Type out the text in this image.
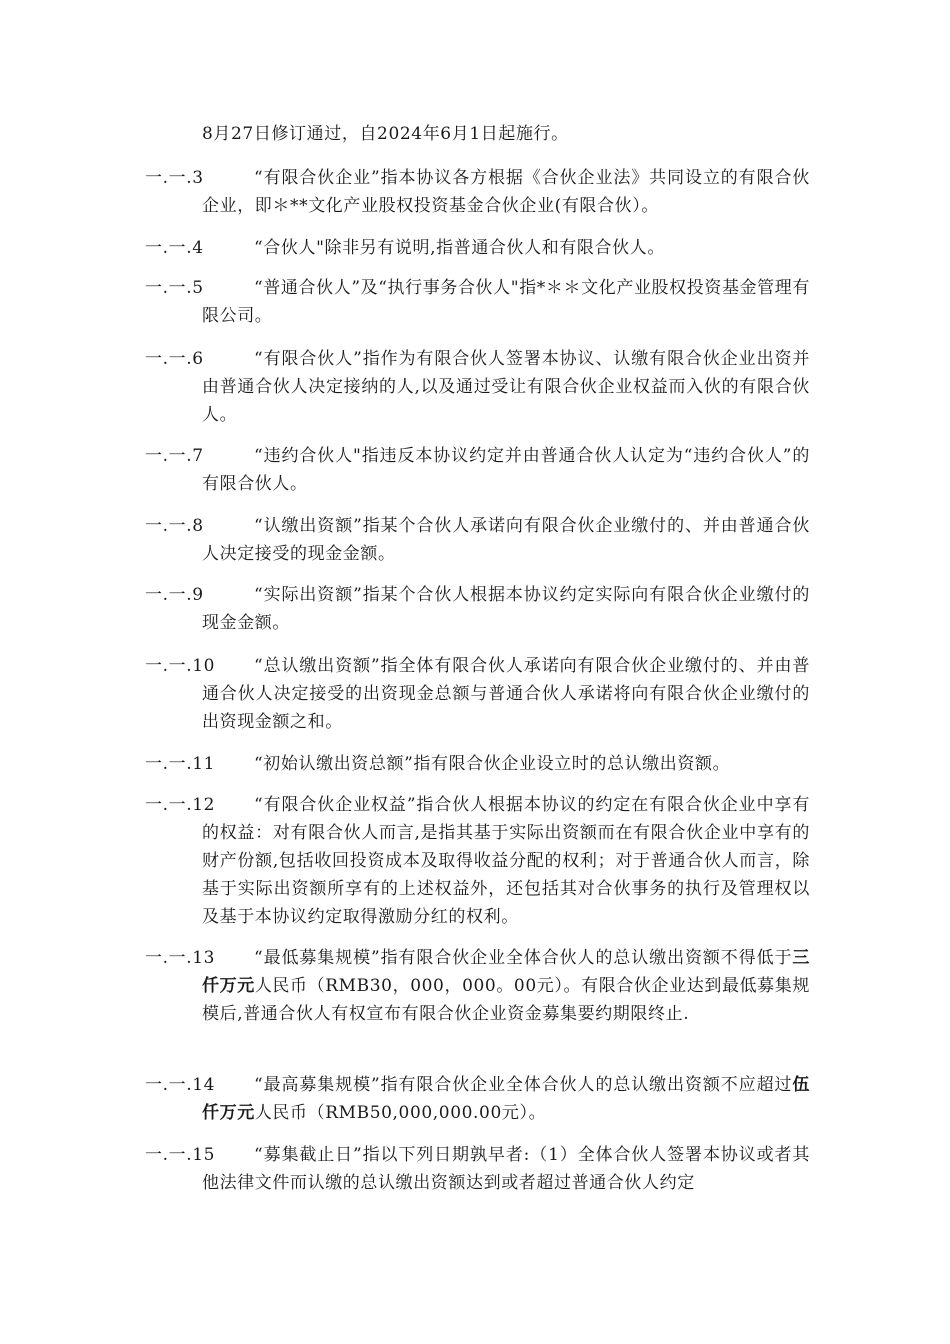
8月27日修订通过，自2024年6月1日起施行。
一.一.3	“有限合伙企业”指本协议各方根据《合伙企业法》共同设立的有限合伙企业，即＊**文化产业股权投资基金合伙企业(有限合伙）。
一.一.4	“合伙人"除非另有说明,指普通合伙人和有限合伙人。
一.一.5	“普通合伙人”及“执行事务合伙人"指*＊＊文化产业股权投资基金管理有限公司。
一.一.6	“有限合伙人”指作为有限合伙人签署本协议、认缴有限合伙企业出资并由普通合伙人决定接纳的人,以及通过受让有限合伙企业权益而入伙的有限合伙人。
一.一.7	“违约合伙人"指违反本协议约定并由普通合伙人认定为“违约合伙人”的有限合伙人。
一.一.8	“认缴出资额”指某个合伙人承诺向有限合伙企业缴付的、并由普通合伙人决定接受的现金金额。
一.一.9	“实际出资额”指某个合伙人根据本协议约定实际向有限合伙企业缴付的现金金额。
一.一.10	“总认缴出资额”指全体有限合伙人承诺向有限合伙企业缴付的、并由普通合伙人决定接受的出资现金总额与普通合伙人承诺将向有限合伙企业缴付的出资现金额之和。
一.一.11	“初始认缴出资总额”指有限合伙企业设立时的总认缴出资额。
一.一.12	“有限合伙企业权益”指合伙人根据本协议的约定在有限合伙企业中享有的权益：对有限合伙人而言,是指其基于实际出资额而在有限合伙企业中享有的财产份额,包括收回投资成本及取得收益分配的权利；对于普通合伙人而言，除基于实际出资额所享有的上述权益外，还包括其对合伙事务的执行及管理权以及基于本协议约定取得激励分红的权利。
一.一.13	“最低募集规模”指有限合伙企业全体合伙人的总认缴出资额不得低于三仟万元人民币（RMB30，000，000。00元）。有限合伙企业达到最低募集规模后,普通合伙人有权宣布有限合伙企业资金募集要约期限终止.
一.一.14	“最高募集规模”指有限合伙企业全体合伙人的总认缴出资额不应超过伍仟万元人民币（RMB50,000,000.00元）。
一.一.15	“募集截止日”指以下列日期孰早者:（1）全体合伙人签署本协议或者其他法律文件而认缴的总认缴出资额达到或者超过普通合伙人约定
